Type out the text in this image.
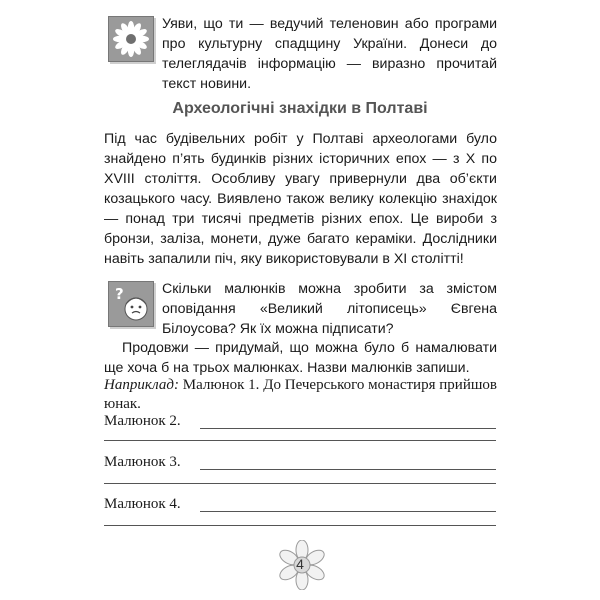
Уяви, що ти — ведучий теленовин або програми про культурну спадщину України. Донеси до телеглядачів інформацію — виразно прочитай текст новини.
Археологічні знахідки в Полтаві
Під час будівельних робіт у Полтаві археологами було знайдено п’ять будинків різних історичних епох — з X по XVIII століття. Особливу увагу привернули два об’єкти козацького часу. Виявлено також велику колекцію знахідок — понад три тисячі предметів різних епох. Це вироби з бронзи, заліза, монети, дуже багато кераміки. Дослідники навіть запалили піч, яку використовували в XI столітті!
?	Скільки малюнків можна зробити за змістом оповідання «Великий літописець» Євгена Білоусова? Як їх можна підписати?
Продовжи — придумай, що можна було б намалювати ще хоча б на трьох малюнках. Назви малюнків запиши.
Наприклад: Малюнок 1. До Печерського монастиря прийшов юнак.
Малюнок 2.
Малюнок 3.
Малюнок 4.
4
